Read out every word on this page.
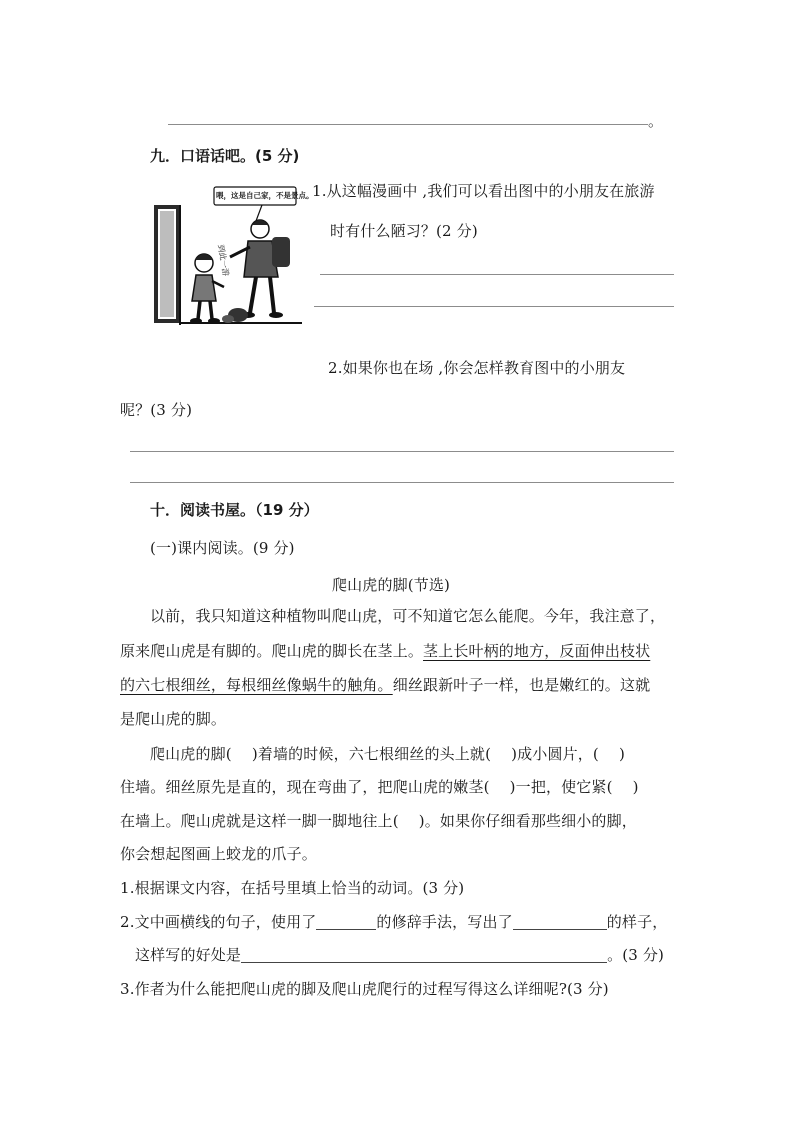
。
九．口语话吧。(5 分)
到此一游
喂，这是自己家，不是景点。
1.从这幅漫画中 ,我们可以看出图中的小朋友在旅游
时有什么陋习？(2 分)
2.如果你也在场 ,你会怎样教育图中的小朋友
呢？(3 分)
十．阅读书屋。（19 分）
(一)课内阅读。(9 分)
爬山虎的脚(节选)
以前，我只知道这种植物叫爬山虎，可不知道它怎么能爬。今年，我注意了，
原来爬山虎是有脚的。爬山虎的脚长在茎上。茎上长叶柄的地方，反面伸出枝状
的六七根细丝，每根细丝像蜗牛的触角。细丝跟新叶子一样，也是嫩红的。这就
是爬山虎的脚。
爬山虎的脚(　 )着墙的时候，六七根细丝的头上就(　 )成小圆片，(　 )
住墙。细丝原先是直的，现在弯曲了，把爬山虎的嫩茎(　 )一把，使它紧(　 )
在墙上。爬山虎就是这样一脚一脚地往上(　 )。如果你仔细看那些细小的脚，
你会想起图画上蛟龙的爪子。
1.根据课文内容，在括号里填上恰当的动词。(3 分)
2.文中画横线的句子，使用了	的修辞手法，写出了	的样子，
这样写的好处是	。(3 分)
3.作者为什么能把爬山虎的脚及爬山虎爬行的过程写得这么详细呢?(3 分)
